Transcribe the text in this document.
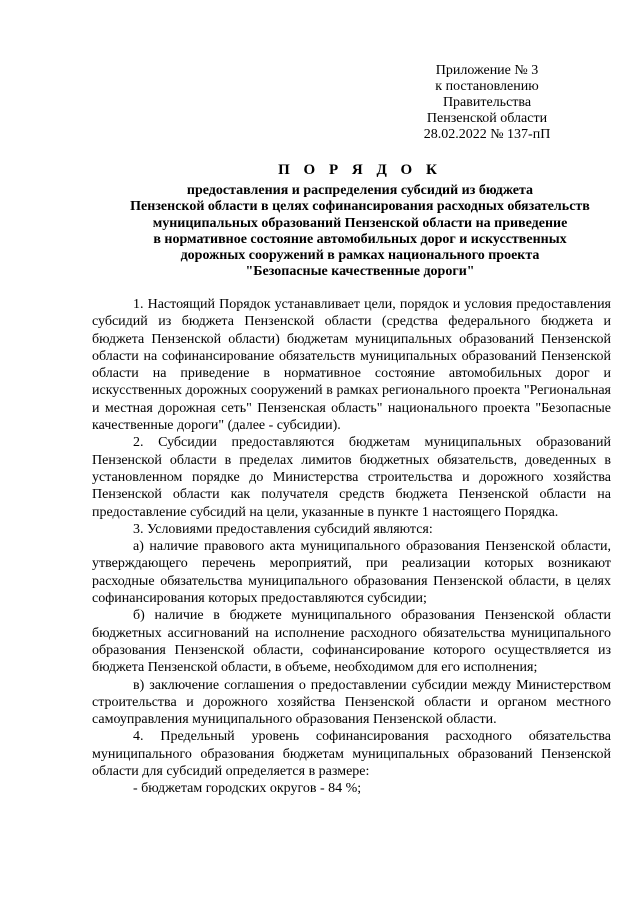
Приложение № 3
к постановлению Правительства
Пензенской области
28.02.2022 № 137-пП
П О Р Я Д О К
предоставления и распределения субсидий из бюджета
Пензенской области в целях софинансирования расходных обязательств
муниципальных образований Пензенской области на приведение
в нормативное состояние автомобильных дорог и искусственных
дорожных сооружений в рамках национального проекта
"Безопасные качественные дороги"

1. Настоящий Порядок устанавливает цели, порядок и условия предоставления субсидий из бюджета Пензенской области (средства федерального бюджета и бюджета Пензенской области) бюджетам муниципальных образований Пензенской области на софинансирование обязательств муниципальных образований Пензенской области на приведение в нормативное состояние автомобильных дорог и искусственных дорожных сооружений в рамках регионального проекта "Региональная и местная дорожная сеть" Пензенская область" национального проекта "Безопасные качественные дороги" (далее - субсидии).

2. Субсидии предоставляются бюджетам муниципальных образований Пензенской области в пределах лимитов бюджетных обязательств, доведенных в установленном порядке до Министерства строительства и дорожного хозяйства Пензенской области как получателя средств бюджета Пензенской области на предоставление субсидий на цели, указанные в пункте 1 настоящего Порядка.

3. Условиями предоставления субсидий являются:

а) наличие правового акта муниципального образования Пензенской области, утверждающего перечень мероприятий, при реализации которых возникают расходные обязательства муниципального образования Пензенской области, в целях софинансирования которых предоставляются субсидии;

б) наличие в бюджете муниципального образования Пензенской области бюджетных ассигнований на исполнение расходного обязательства муниципального образования Пензенской области, софинансирование которого осуществляется из бюджета Пензенской области, в объеме, необходимом для его исполнения;

в) заключение соглашения о предоставлении субсидии между Министерством строительства и дорожного хозяйства Пензенской области и органом местного самоуправления муниципального образования Пензенской области.

4. Предельный уровень софинансирования расходного обязательства муниципального образования бюджетам муниципальных образований Пензенской области для субсидий определяется в размере:

- бюджетам городских округов - 84 %;
